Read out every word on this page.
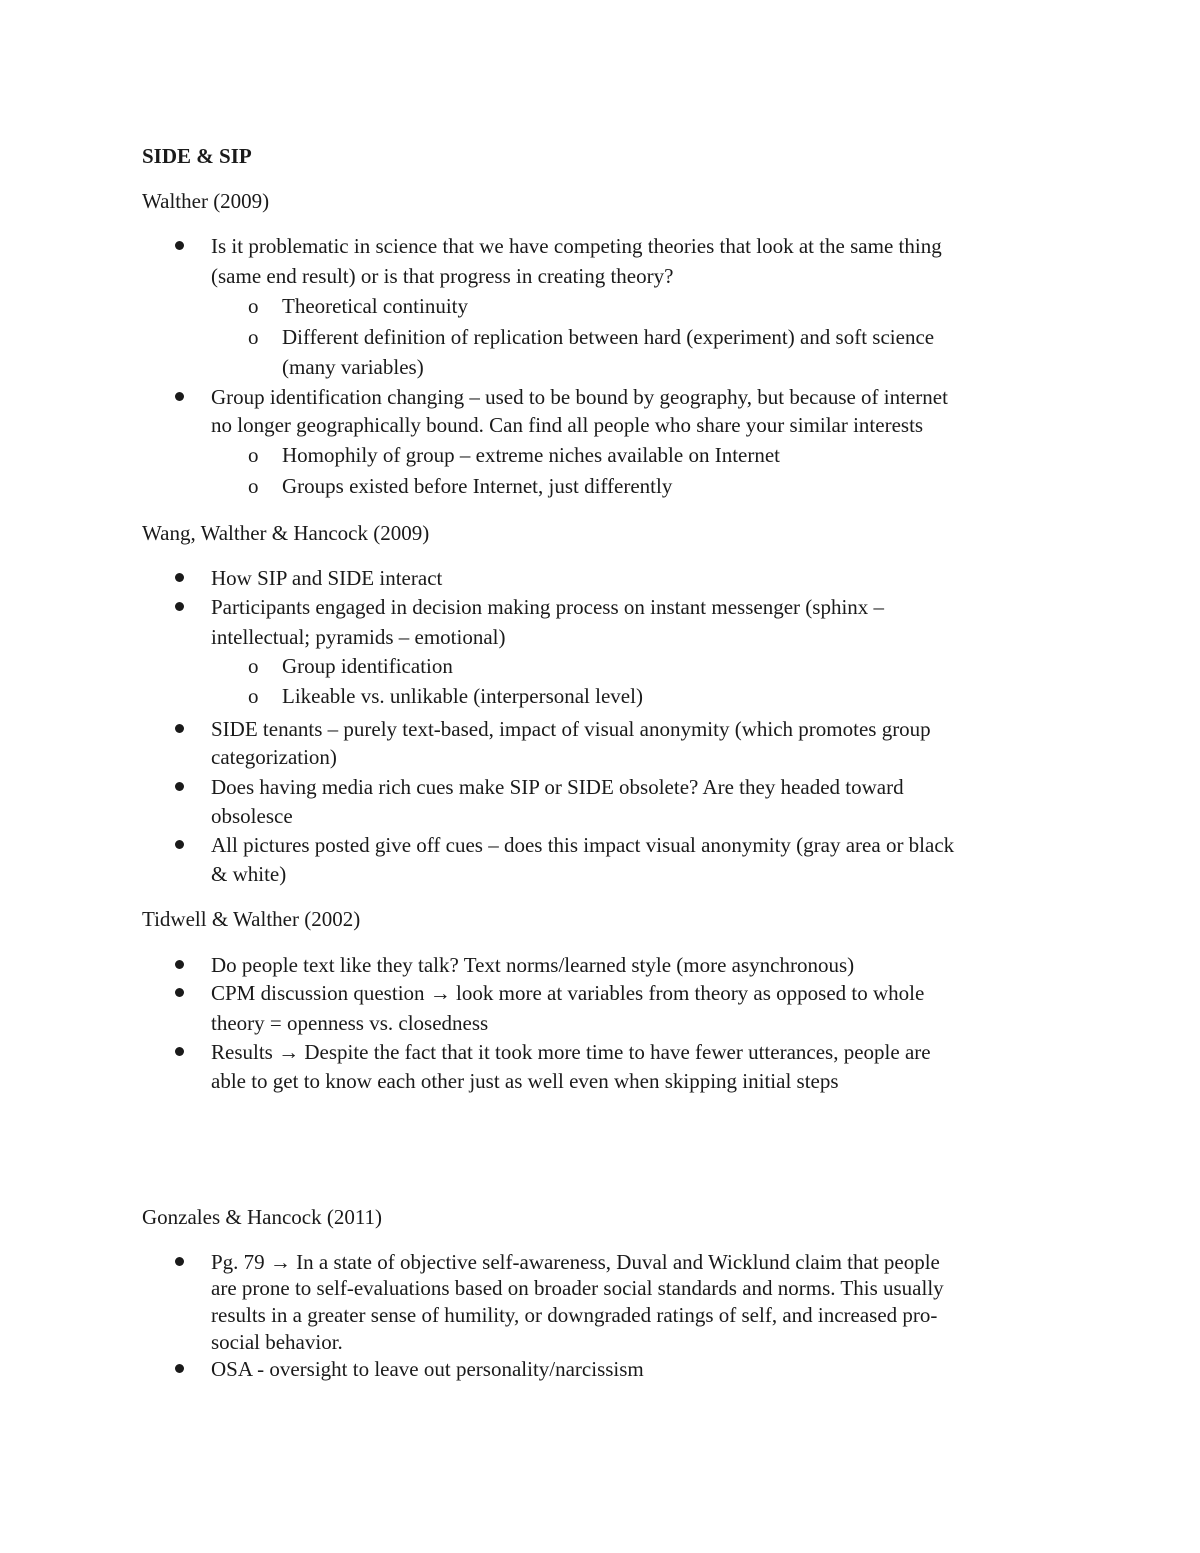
SIDE & SIP
Walther (2009)
Is it problematic in science that we have competing theories that look at the same thing
(same end result) or is that progress in creating theory?
o Theoretical continuity
o Different definition of replication between hard (experiment) and soft science
(many variables)
Group identification changing – used to be bound by geography, but because of internet
no longer geographically bound. Can find all people who share your similar interests
o Homophily of group – extreme niches available on Internet
o Groups existed before Internet, just differently
Wang, Walther & Hancock (2009)
How SIP and SIDE interact
Participants engaged in decision making process on instant messenger (sphinx –
intellectual; pyramids – emotional)
o Group identification
o Likeable vs. unlikable (interpersonal level)
SIDE tenants – purely text-based, impact of visual anonymity (which promotes group
categorization)
Does having media rich cues make SIP or SIDE obsolete? Are they headed toward
obsolesce
All pictures posted give off cues – does this impact visual anonymity (gray area or black
& white)
Tidwell & Walther (2002)
Do people text like they talk? Text norms/learned style (more asynchronous)
CPM discussion question → look more at variables from theory as opposed to whole
theory = openness vs. closedness
Results → Despite the fact that it took more time to have fewer utterances, people are
able to get to know each other just as well even when skipping initial steps
Gonzales & Hancock (2011)
Pg. 79 → In a state of objective self-awareness, Duval and Wicklund claim that people
are prone to self-evaluations based on broader social standards and norms. This usually
results in a greater sense of humility, or downgraded ratings of self, and increased pro-
social behavior.
OSA - oversight to leave out personality/narcissism
